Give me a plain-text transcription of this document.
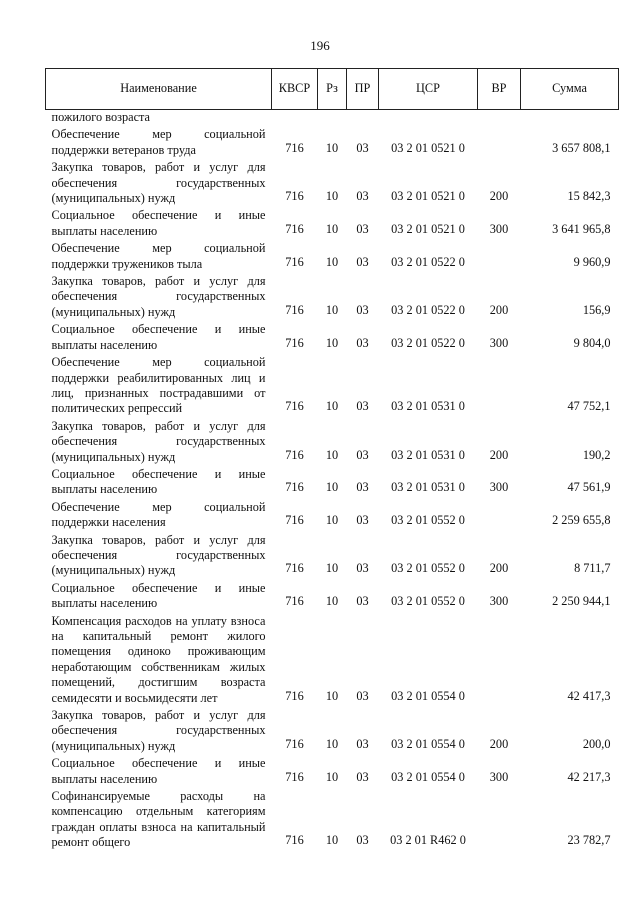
196
Наименование	КВСР	Рз	ПР	ЦСР	ВР	Сумма
пожилого возраста						
Обеспечение мер социальной поддержки ветеранов труда	716	10	03	03 2 01 0521 0		3 657 808,1
Закупка товаров, работ и услуг для обеспечения государственных (муниципальных) нужд	716	10	03	03 2 01 0521 0	200	15 842,3
Социальное обеспечение и иные выплаты населению	716	10	03	03 2 01 0521 0	300	3 641 965,8
Обеспечение мер социальной поддержки тружеников тыла	716	10	03	03 2 01 0522 0		9 960,9
Закупка товаров, работ и услуг для обеспечения государственных (муниципальных) нужд	716	10	03	03 2 01 0522 0	200	156,9
Социальное обеспечение и иные выплаты населению	716	10	03	03 2 01 0522 0	300	9 804,0
Обеспечение мер социальной поддержки реабилитированных лиц и лиц, признанных пострадавшими от политических репрессий	716	10	03	03 2 01 0531 0		47 752,1
Закупка товаров, работ и услуг для обеспечения государственных (муниципальных) нужд	716	10	03	03 2 01 0531 0	200	190,2
Социальное обеспечение и иные выплаты населению	716	10	03	03 2 01 0531 0	300	47 561,9
Обеспечение мер социальной поддержки населения	716	10	03	03 2 01 0552 0		2 259 655,8
Закупка товаров, работ и услуг для обеспечения государственных (муниципальных) нужд	716	10	03	03 2 01 0552 0	200	8 711,7
Социальное обеспечение и иные выплаты населению	716	10	03	03 2 01 0552 0	300	2 250 944,1
Компенсация расходов на уплату взноса на капитальный ремонт жилого помещения одиноко проживающим неработающим собственникам жилых помещений, достигшим возраста семидесяти и восьмидесяти лет	716	10	03	03 2 01 0554 0		42 417,3
Закупка товаров, работ и услуг для обеспечения государственных (муниципальных) нужд	716	10	03	03 2 01 0554 0	200	200,0
Социальное обеспечение и иные выплаты населению	716	10	03	03 2 01 0554 0	300	42 217,3
Софинансируемые расходы на компенсацию отдельным категориям граждан оплаты взноса на капитальный ремонт общего	716	10	03	03 2 01 R462 0		23 782,7
